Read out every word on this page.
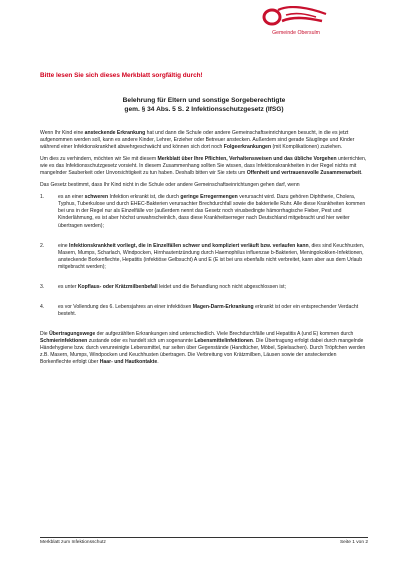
Gemeinde Obersulm
Bitte lesen Sie sich dieses Merkblatt sorgfältig durch!
Belehrung für Eltern und sonstige Sorgeberechtigte
gem. § 34 Abs. 5 S. 2 Infektionsschutzgesetz (IfSG)

Wenn Ihr Kind eine ansteckende Erkrankung hat und dann die Schule oder andere Gemeinschaftseinrichtungen besucht, in die es jetzt aufgenommen werden soll, kann es andere Kinder, Lehrer, Erzieher oder Betreuer anstecken. Außerdem sind gerade Säuglinge und Kinder während einer Infektionskrankheit abwehrgeschwächt und können sich dort noch Folgeerkrankungen (mit Komplikationen) zuziehen.

Um dies zu verhindern, möchten wir Sie mit diesem Merkblatt über Ihre Pflichten, Verhaltensweisen und das übliche Vorgehen unterrichten, wie es das Infektionsschutzgesetz vorsieht. In diesem Zusammenhang sollten Sie wissen, dass Infektionskrankheiten in der Regel nichts mit mangelnder Sauberkeit oder Unvorsichtigkeit zu tun haben. Deshalb bitten wir Sie stets um Offenheit und vertrauensvolle Zusammenarbeit.

Das Gesetz bestimmt, dass Ihr Kind nicht in die Schule oder andere Gemeinschaftseinrichtungen gehen darf, wenn

1.	es an einer schweren Infektion erkrankt ist, die durch geringe Erregermengen verursacht wird. Dazu gehören Diphtherie, Cholera, Typhus, Tuberkulose und durch EHEC-Bakterien verursachter Brechdurchfall sowie die bakterielle Ruhr. Alle diese Krankheiten kommen bei uns in der Regel nur als Einzelfälle vor (außerdem nennt das Gesetz noch virusbedingte hämorrhagische Fieber, Pest und Kinderlähmung, es ist aber höchst unwahrscheinlich, dass diese Krankheitserreger nach Deutschland mitgebracht und hier weiter übertragen werden);
2.	eine Infektionskrankheit vorliegt, die in Einzelfällen schwer und kompliziert verläuft bzw. verlaufen kann, dies sind Keuchhusten, Masern, Mumps, Scharlach, Windpocken, Hirnhautentzündung durch Haemophilus influenzae b-Bakterien, Meningokokken-Infektionen, ansteckende Borkenflechte, Hepatitis (infektiöse Gelbsucht) A und E (E ist bei uns ebenfalls nicht verbreitet, kann aber aus dem Urlaub mitgebracht werden);
3.	es unter Kopflaus- oder Krätzmilbenbefall leidet und die Behandlung noch nicht abgeschlossen ist;
4.	es vor Vollendung des 6. Lebensjahres an einer infektiösen Magen-Darm-Erkrankung erkrankt ist oder ein entsprechender Verdacht besteht.

Die Übertragungswege der aufgezählten Erkrankungen sind unterschiedlich. Viele Brechdurchfälle und Hepatitis A (und E) kommen durch Schmierinfektionen zustande oder es handelt sich um sogenannte Lebensmittelinfektionen. Die Übertragung erfolgt dabei durch mangelnde Händehygiene bzw. durch verunreinigte Lebensmittel, nur selten über Gegenstände (Handtücher, Möbel, Spielsachen). Durch Tröpfchen werden z.B. Masern, Mumps, Windpocken und Keuchhusten übertragen. Die Verbreitung von Krätzmilben, Läusen sowie der ansteckenden Borkenflechte erfolgt über Haar- und Hautkontakte.

Merkblatt zum Infektionsschutz	Seite 1 von 2
